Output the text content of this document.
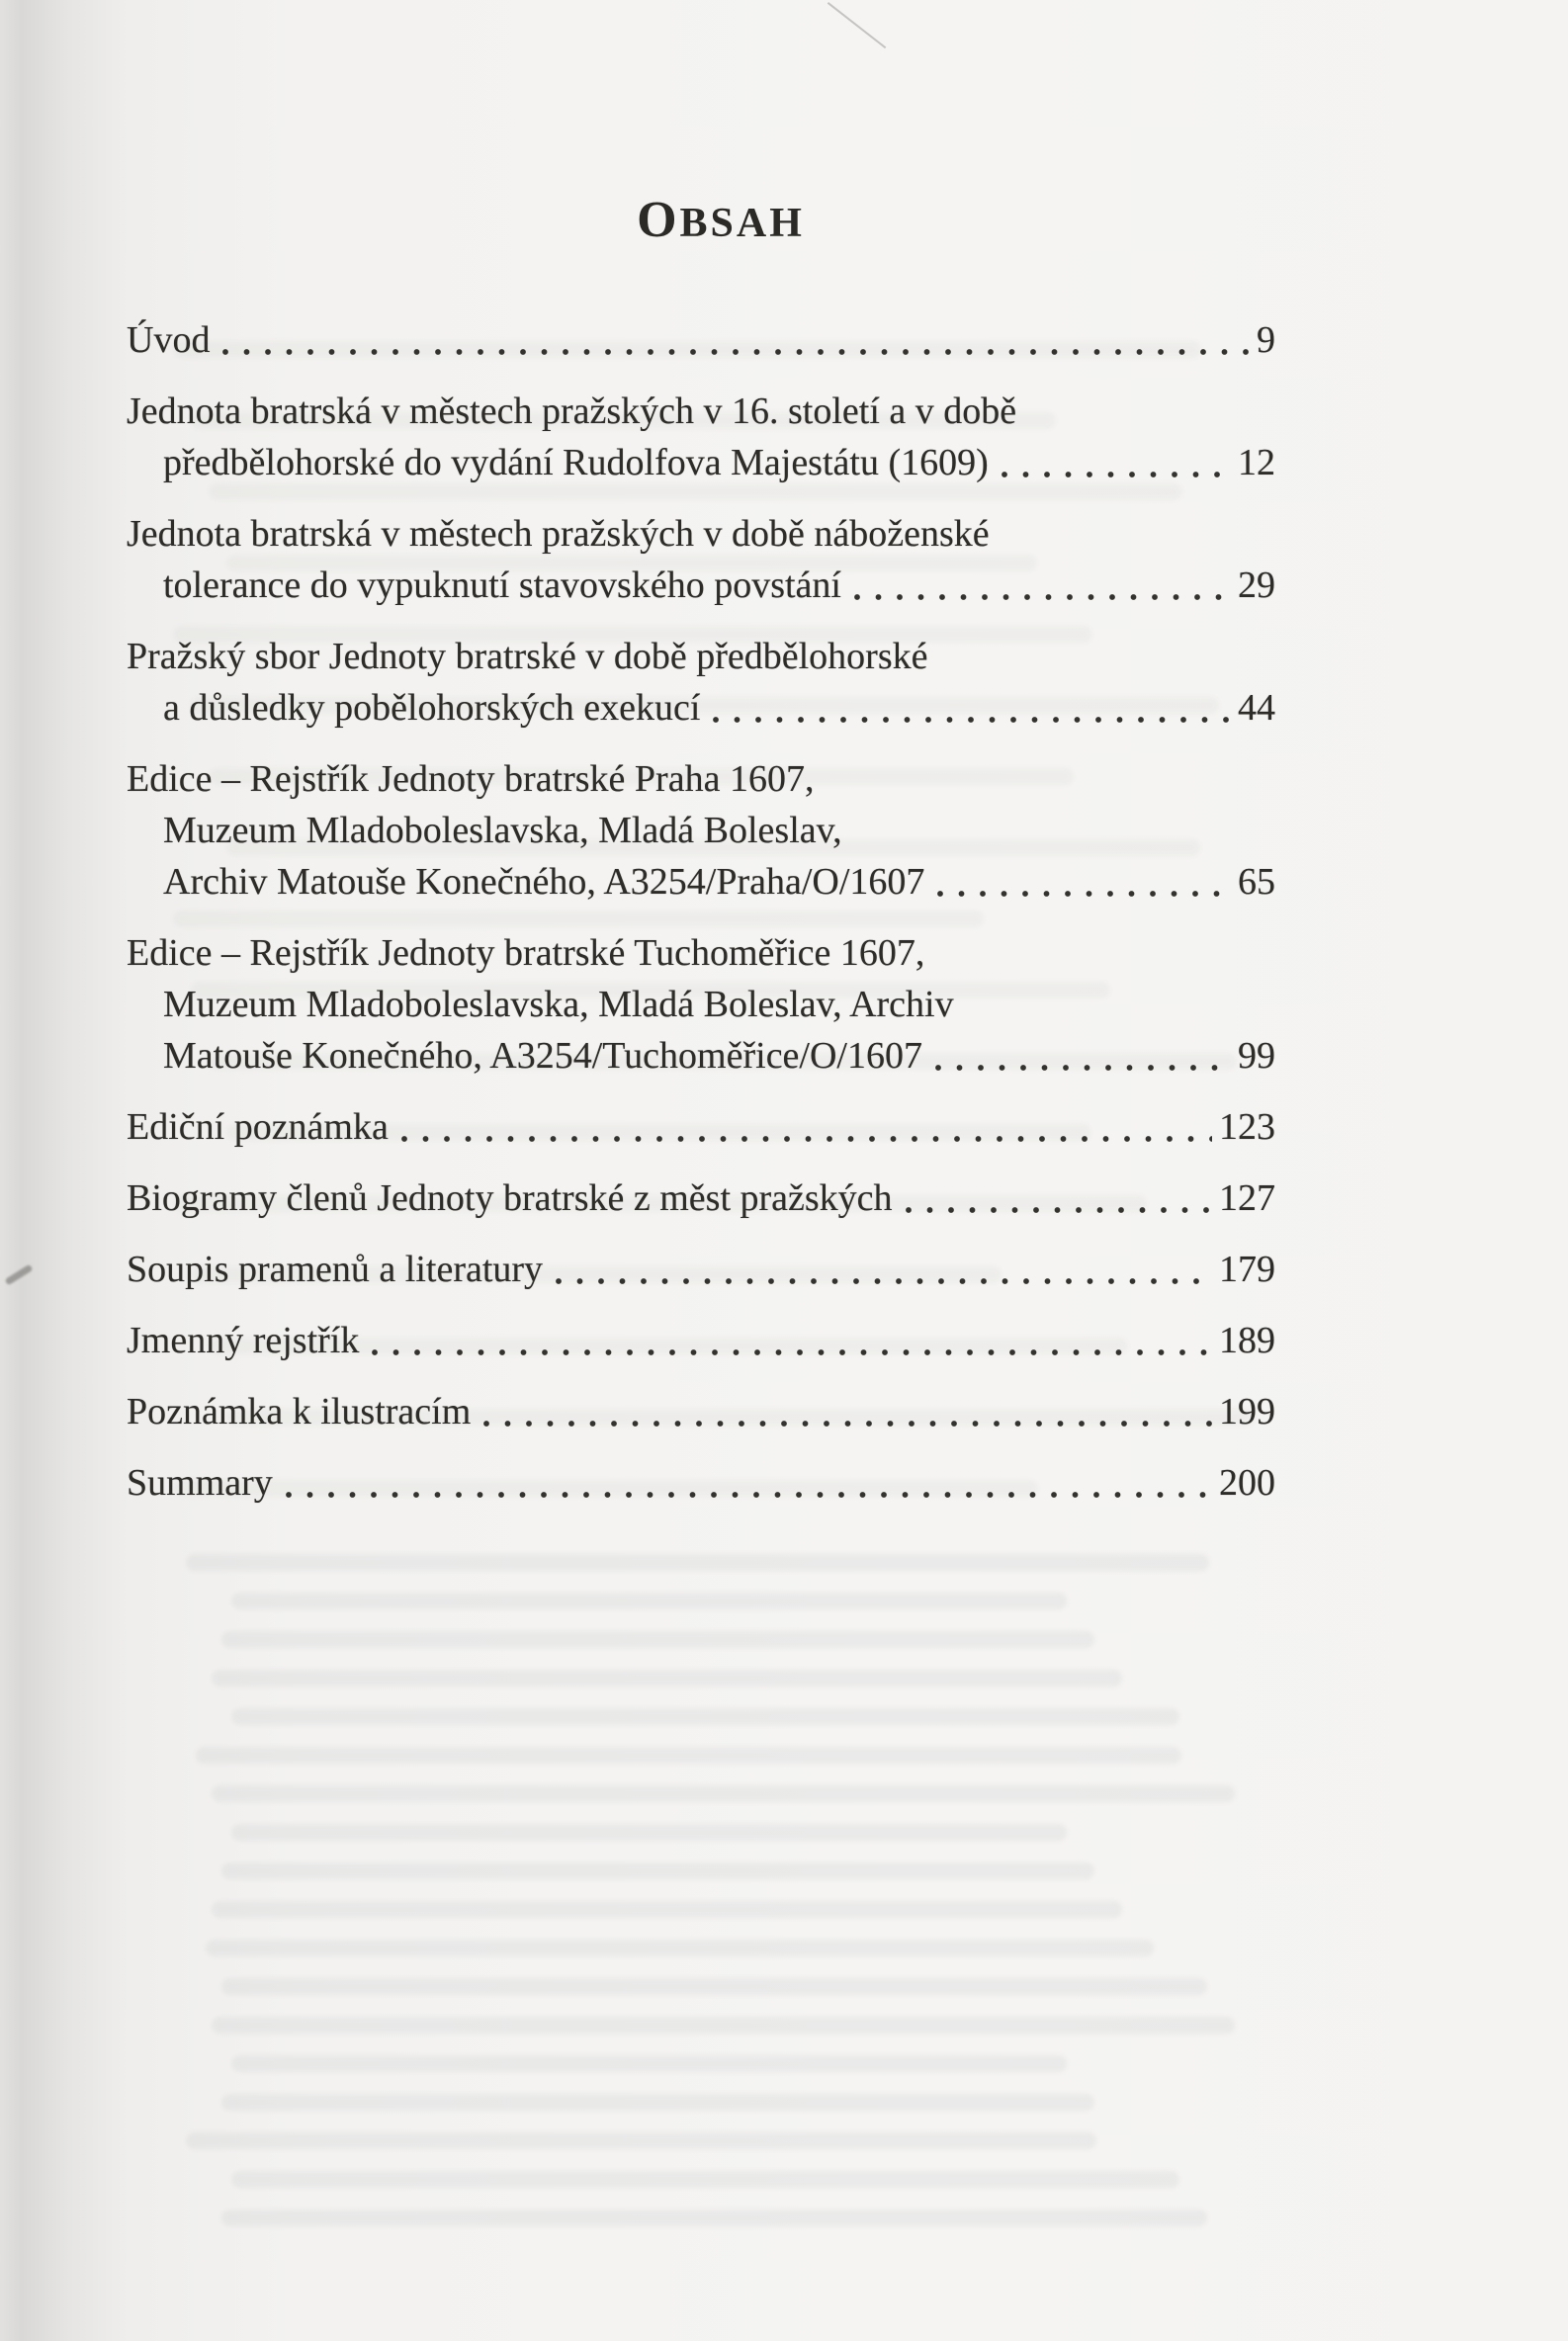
OBSAH
Úvod	9
Jednota bratrská v městech pražských v 16. století a v době
předbělohorské do vydání Rudolfova Majestátu (1609)	12
Jednota bratrská v městech pražských v době náboženské
tolerance do vypuknutí stavovského povstání	29
Pražský sbor Jednoty bratrské v době předbělohorské
a důsledky pobělohorských exekucí	44
Edice – Rejstřík Jednoty bratrské Praha 1607,
Muzeum Mladoboleslavska, Mladá Boleslav,
Archiv Matouše Konečného, A3254/Praha/O/1607	65
Edice – Rejstřík Jednoty bratrské Tuchoměřice 1607,
Muzeum Mladoboleslavska, Mladá Boleslav, Archiv
Matouše Konečného, A3254/Tuchoměřice/O/1607	99
Ediční poznámka	123
Biogramy členů Jednoty bratrské z měst pražských	127
Soupis pramenů a literatury	179
Jmenný rejstřík	189
Poznámka k ilustracím	199
Summary	200
